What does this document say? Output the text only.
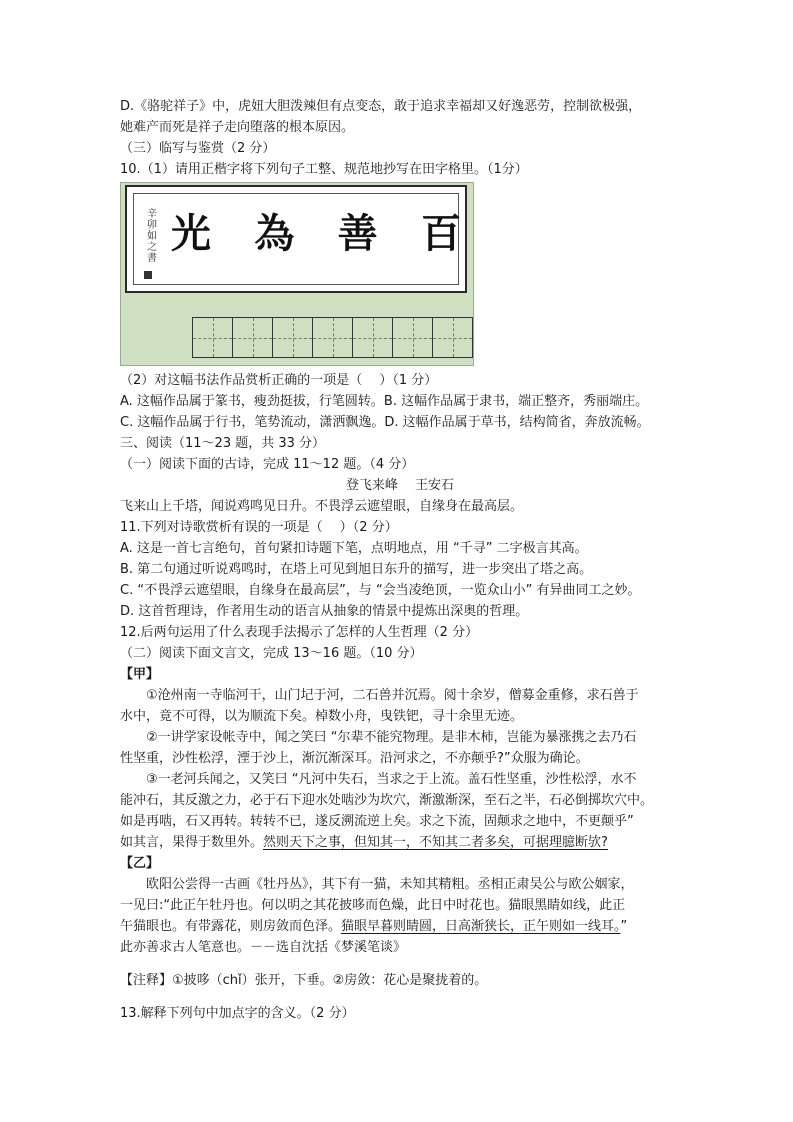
D.《骆驼祥子》中，虎妞大胆泼辣但有点变态，敢于追求幸福却又好逸恶劳，控制欲极强，
她难产而死是祥子走向堕落的根本原因。
（三）临写与鉴赏（2 分）
10.（1）请用正楷字将下列句子工整、规范地抄写在田字格里。（1分）
辛卯 如之書
光 為 善 百
（2）对这幅书法作品赏析正确的一项是（　 ）（1 分）
A. 这幅作品属于篆书，瘦劲挺拔，行笔圆转。B. 这幅作品属于隶书，端正整齐，秀丽端庄。
C. 这幅作品属于行书，笔势流动，潇洒飘逸。D. 这幅作品属于草书，结构简省，奔放流畅。
三、阅读（11～23 题，共 33 分）
（一）阅读下面的古诗，完成 11～12 题。（4 分）
登飞来峰　 王安石
飞来山上千塔，闻说鸡鸣见日升。不畏浮云遮望眼，自缘身在最高层。
11.下列对诗歌赏析有误的一项是（　 ）（2 分）
A. 这是一首七言绝句，首句紧扣诗题下笔，点明地点，用 “千寻” 二字极言其高。
B. 第二句通过听说鸡鸣时，在塔上可见到旭日东升的描写，进一步突出了塔之高。
C. “不畏浮云遮望眼，自缘身在最高层”，与 “会当凌绝顶，一览众山小” 有异曲同工之妙。
D. 这首哲理诗，作者用生动的语言从抽象的情景中提炼出深奥的哲理。
12.后两句运用了什么表现手法揭示了怎样的人生哲理（2 分）
（二）阅读下面文言文，完成 13～16 题。（10 分）
【甲】
①沧州南一寺临河干，山门圮于河，二石兽并沉焉。阅十余岁，僧募金重修，求石兽于
水中，竟不可得，以为顺流下矣。棹数小舟，曳铁钯，寻十余里无迹。
②一讲学家设帐寺中，闻之笑曰 “尔辈不能究物理。是非木柿，岂能为暴涨携之去乃石
性坚重，沙性松浮，湮于沙上，渐沉渐深耳。沿河求之，不亦颠乎?”众服为确论。
③一老河兵闻之，又笑曰 “凡河中失石，当求之于上流。盖石性坚重，沙性松浮，水不
能冲石，其反激之力，必于石下迎水处啮沙为坎穴，渐激渐深，至石之半，石必倒掷坎穴中。
如是再啮，石又再转。转转不已，遂反溯流逆上矣。求之下流，固颠求之地中，不更颠乎”
如其言，果得于数里外。然则天下之事，但知其一，不知其二者多矣，可据理臆断欤?
【乙】
欧阳公尝得一古画《牡丹丛》，其下有一猫，未知其精粗。丞相正肃吴公与欧公姻家，
一见曰:“此正午牡丹也。何以明之其花披哆而色燥，此日中时花也。猫眼黑睛如线，此正
午猫眼也。有带露花，则房敛而色泽。猫眼早暮则睛圆，日高渐狭长，正午则如一线耳。”
此亦善求古人笔意也。－－选自沈括《梦溪笔谈》
【注释】①披哆（chǐ）张开，下垂。②房敛：花心是聚拢着的。
13.解释下列句中加点字的含义。（2 分）
